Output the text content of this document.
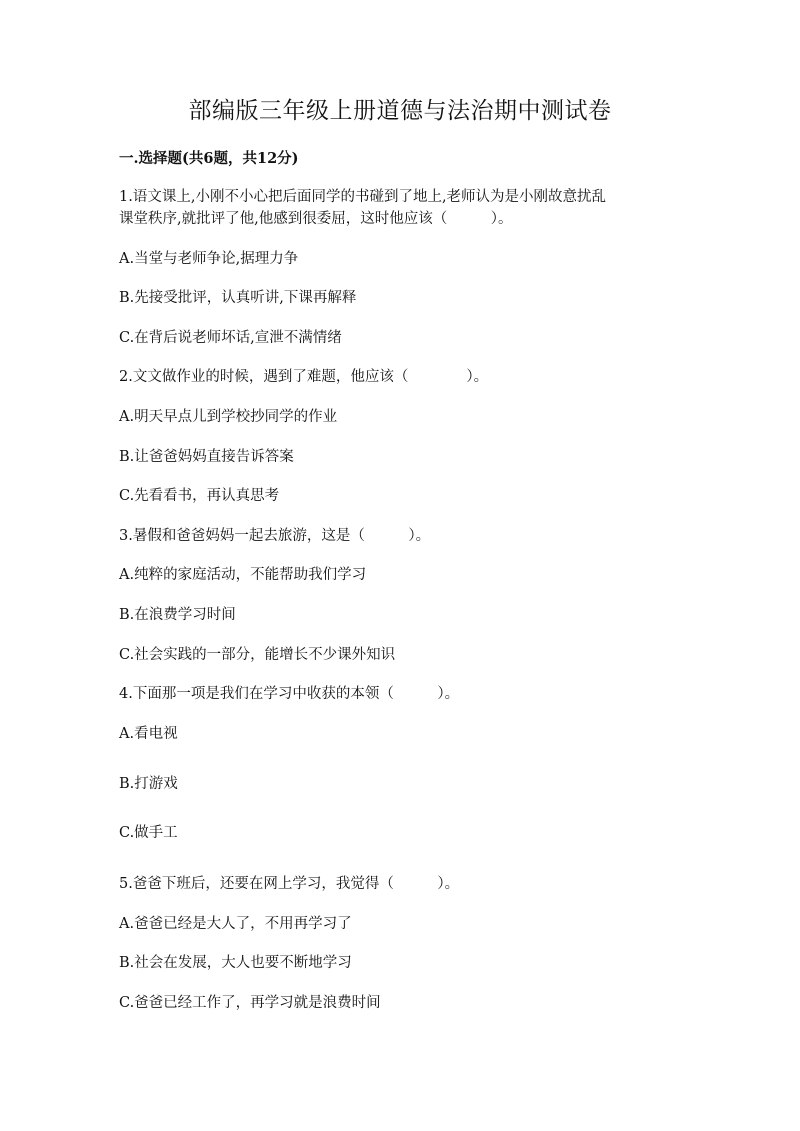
部编版三年级上册道德与法治期中测试卷
一.选择题(共6题，共12分)
1.语文课上,小刚不小心把后面同学的书碰到了地上,老师认为是小刚故意扰乱
课堂秩序,就批评了他,他感到很委屈，这时他应该（　　　）。
A.当堂与老师争论,据理力争
B.先接受批评，认真听讲,下课再解释
C.在背后说老师坏话,宣泄不满情绪
2.文文做作业的时候，遇到了难题，他应该（　　　　）。
A.明天早点儿到学校抄同学的作业
B.让爸爸妈妈直接告诉答案
C.先看看书，再认真思考
3.暑假和爸爸妈妈一起去旅游，这是（　　　）。
A.纯粹的家庭活动，不能帮助我们学习
B.在浪费学习时间
C.社会实践的一部分，能增长不少课外知识
4.下面那一项是我们在学习中收获的本领（　　　）。
A.看电视
B.打游戏
C.做手工
5.爸爸下班后，还要在网上学习，我觉得（　　　）。
A.爸爸已经是大人了，不用再学习了
B.社会在发展，大人也要不断地学习
C.爸爸已经工作了，再学习就是浪费时间
